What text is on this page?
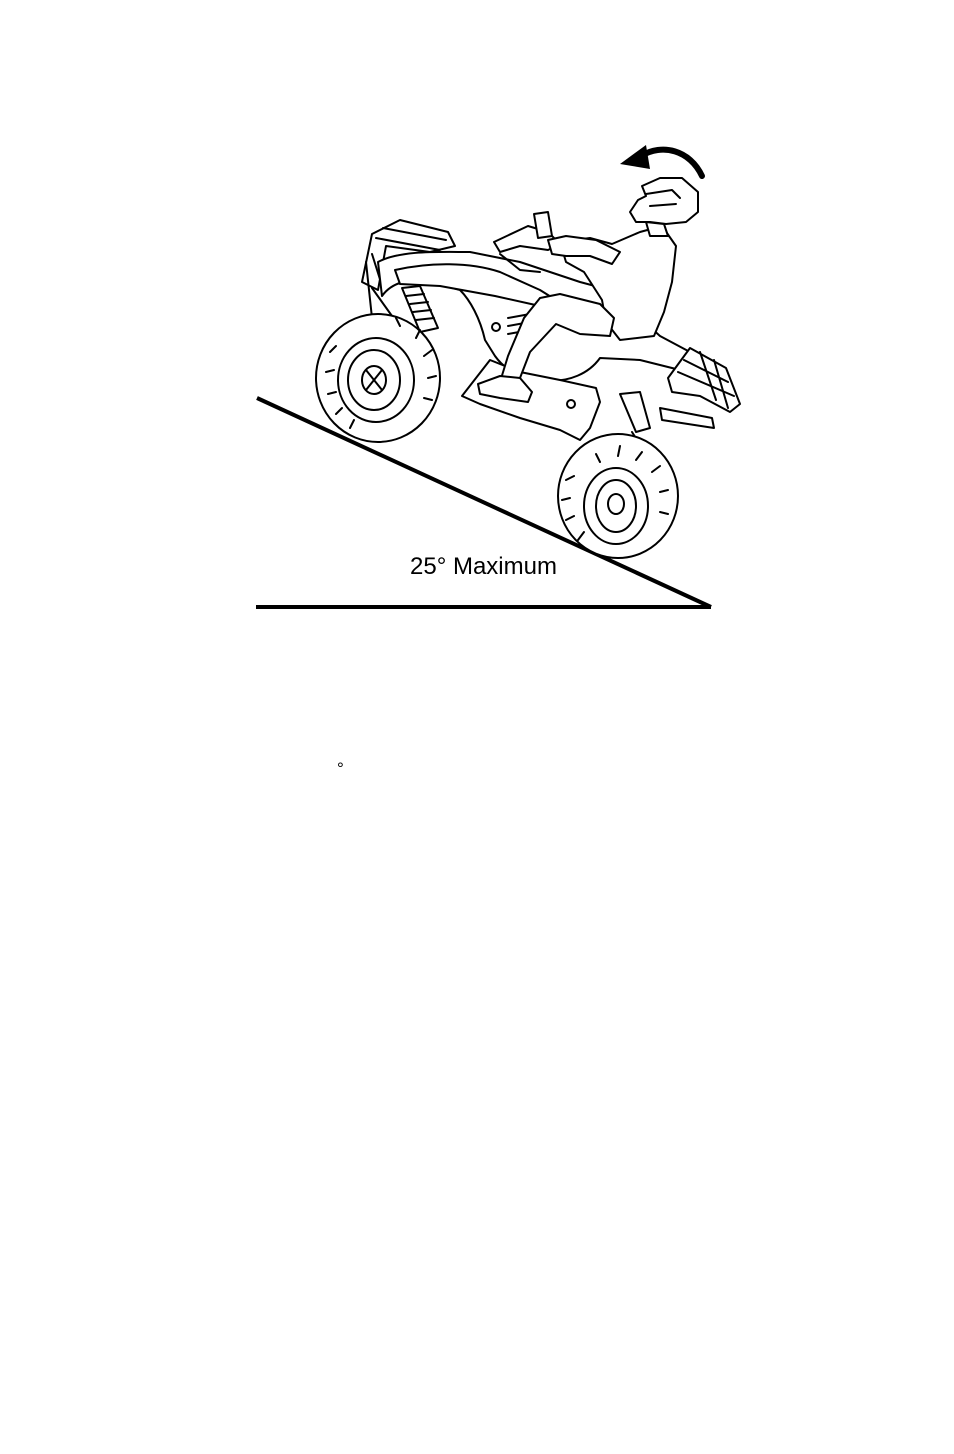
25° Maximum
°
